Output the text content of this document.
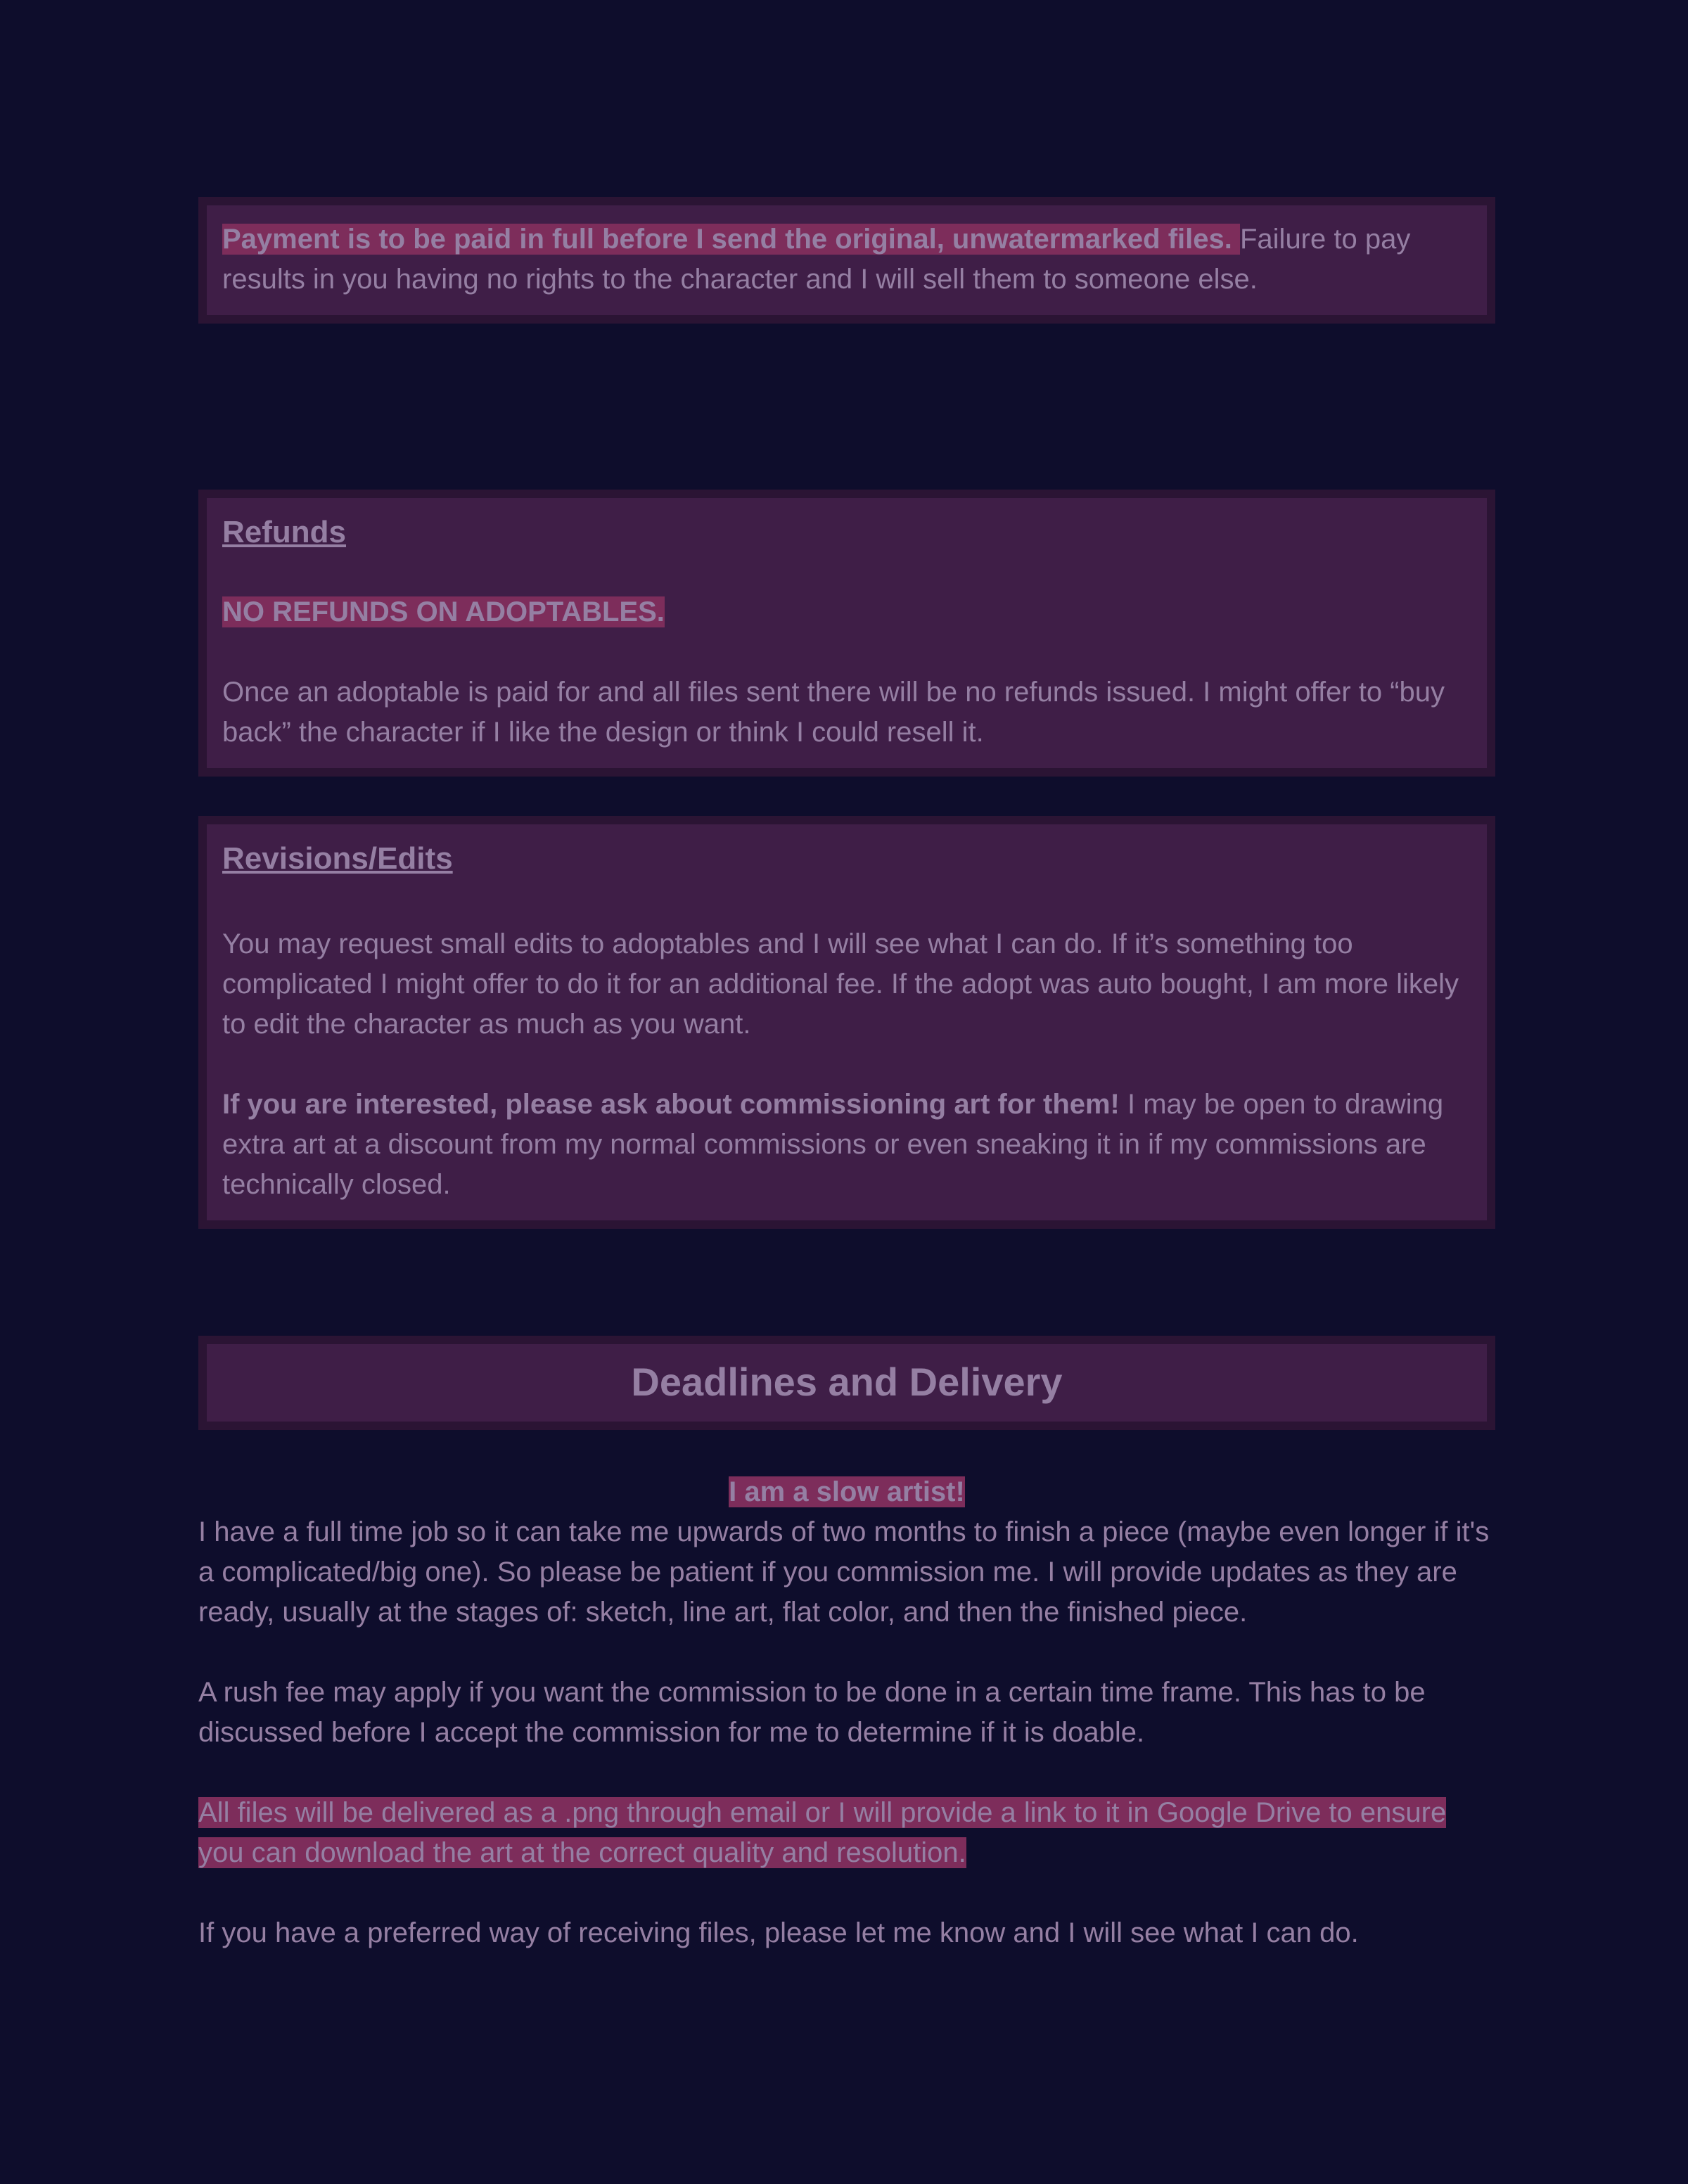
Payment is to be paid in full before I send the original, unwatermarked files. Failure to pay results in you having no rights to the character and I will sell them to someone else.

Refunds

NO REFUNDS ON ADOPTABLES.

Once an adoptable is paid for and all files sent there will be no refunds issued. I might offer to “buy back” the character if I like the design or think I could resell it.

Revisions/Edits

You may request small edits to adoptables and I will see what I can do. If it’s something too complicated I might offer to do it for an additional fee. If the adopt was auto bought, I am more likely to edit the character as much as you want.

If you are interested, please ask about commissioning art for them! I may be open to drawing extra art at a discount from my normal commissions or even sneaking it in if my commissions are technically closed.

Deadlines and Delivery

I am a slow artist!

I have a full time job so it can take me upwards of two months to finish a piece (maybe even longer if it's a complicated/big one). So please be patient if you commission me. I will provide updates as they are ready, usually at the stages of: sketch, line art, flat color, and then the finished piece.

A rush fee may apply if you want the commission to be done in a certain time frame. This has to be discussed before I accept the commission for me to determine if it is doable.

All files will be delivered as a .png through email or I will provide a link to it in Google Drive to ensure you can download the art at the correct quality and resolution.

If you have a preferred way of receiving files, please let me know and I will see what I can do.
